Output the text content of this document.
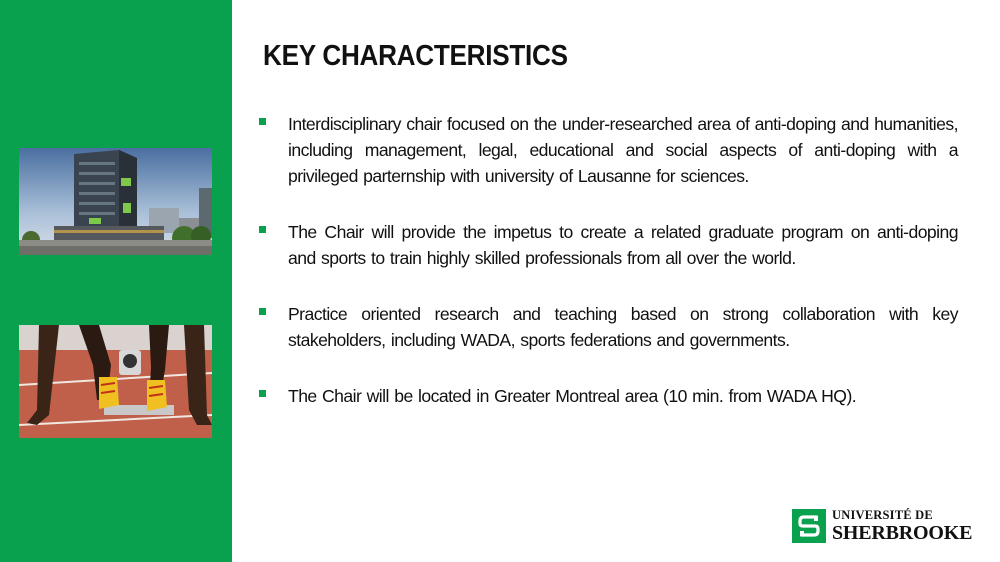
KEY CHARACTERISTICS
Interdisciplinary chair focused on the under-researched area of anti-doping and humanities, including management, legal, educational and social aspects of anti-doping with a privileged parternship with university of Lausanne for sciences.
The Chair will provide the impetus to create a related graduate program on anti-doping and sports to train highly skilled professionals from all over the world.
Practice oriented research and teaching based on strong collaboration with key stakeholders, including WADA, sports federations and governments.
The Chair will be located in Greater Montreal area (10 min. from WADA HQ).
UNIVERSITÉ DE
SHERBROOKE
